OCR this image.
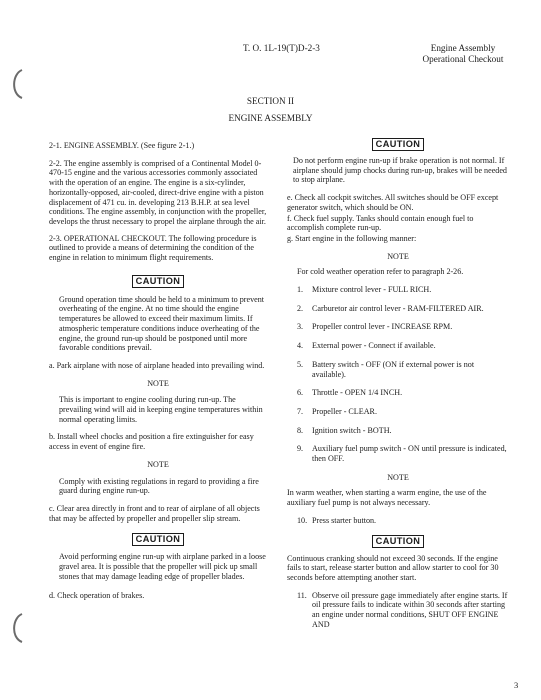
T. O. 1L-19(T)D-2-3	Engine Assembly
Operational Checkout
SECTION II
ENGINE ASSEMBLY

2-1. ENGINE ASSEMBLY. (See figure 2-1.)

2-2. The engine assembly is comprised of a Continental Model 0-470-15 engine and the various accessories commonly associated with the operation of an engine. The engine is a six-cylinder, horizontally-opposed, air-cooled, direct-drive engine with a piston displacement of 471 cu. in. developing 213 B.H.P. at sea level conditions. The engine assembly, in conjunction with the propeller, develops the thrust necessary to propel the airplane through the air.

2-3. OPERATIONAL CHECKOUT. The following procedure is outlined to provide a means of determining the condition of the engine in relation to minimum flight requirements.

CAUTION

Ground operation time should be held to a minimum to prevent overheating of the engine. At no time should the engine temperatures be allowed to exceed their maximum limits. If atmospheric temperature conditions induce overheating of the engine, the ground run-up should be postponed until more favorable conditions prevail.

a. Park airplane with nose of airplane headed into prevailing wind.

NOTE

This is important to engine cooling during run-up. The prevailing wind will aid in keeping engine temperatures within normal operating limits.

b. Install wheel chocks and position a fire extinguisher for easy access in event of engine fire.

NOTE

Comply with existing regulations in regard to providing a fire guard during engine run-up.

c. Clear area directly in front and to rear of airplane of all objects that may be affected by propeller and propeller slip stream.

CAUTION

Avoid performing engine run-up with airplane parked in a loose gravel area. It is possible that the propeller will pick up small stones that may damage leading edge of propeller blades.

d. Check operation of brakes.

CAUTION

Do not perform engine run-up if brake operation is not normal. If airplane should jump chocks during run-up, brakes will be needed to stop airplane.

e. Check all cockpit switches. All switches should be OFF except generator switch, which should be ON.

f. Check fuel supply. Tanks should contain enough fuel to accomplish complete run-up.

g. Start engine in the following manner:

NOTE

For cold weather operation refer to paragraph 2-26.

1. Mixture control lever - FULL RICH.
2. Carburetor air control lever - RAM-FILTERED AIR.
3. Propeller control lever - INCREASE RPM.
4. External power - Connect if available.
5. Battery switch - OFF (ON if external power is not available).
6. Throttle - OPEN 1/4 INCH.
7. Propeller - CLEAR.
8. Ignition switch - BOTH.
9. Auxiliary fuel pump switch - ON until pressure is indicated, then OFF.

NOTE

In warm weather, when starting a warm engine, the use of the auxiliary fuel pump is not always necessary.

10. Press starter button.
CAUTION

Continuous cranking should not exceed 30 seconds. If the engine fails to start, release starter button and allow starter to cool for 30 seconds before attempting another start.

11. Observe oil pressure gage immediately after engine starts. If oil pressure fails to indicate within 30 seconds after starting an engine under normal conditions, SHUT OFF ENGINE AND
3
